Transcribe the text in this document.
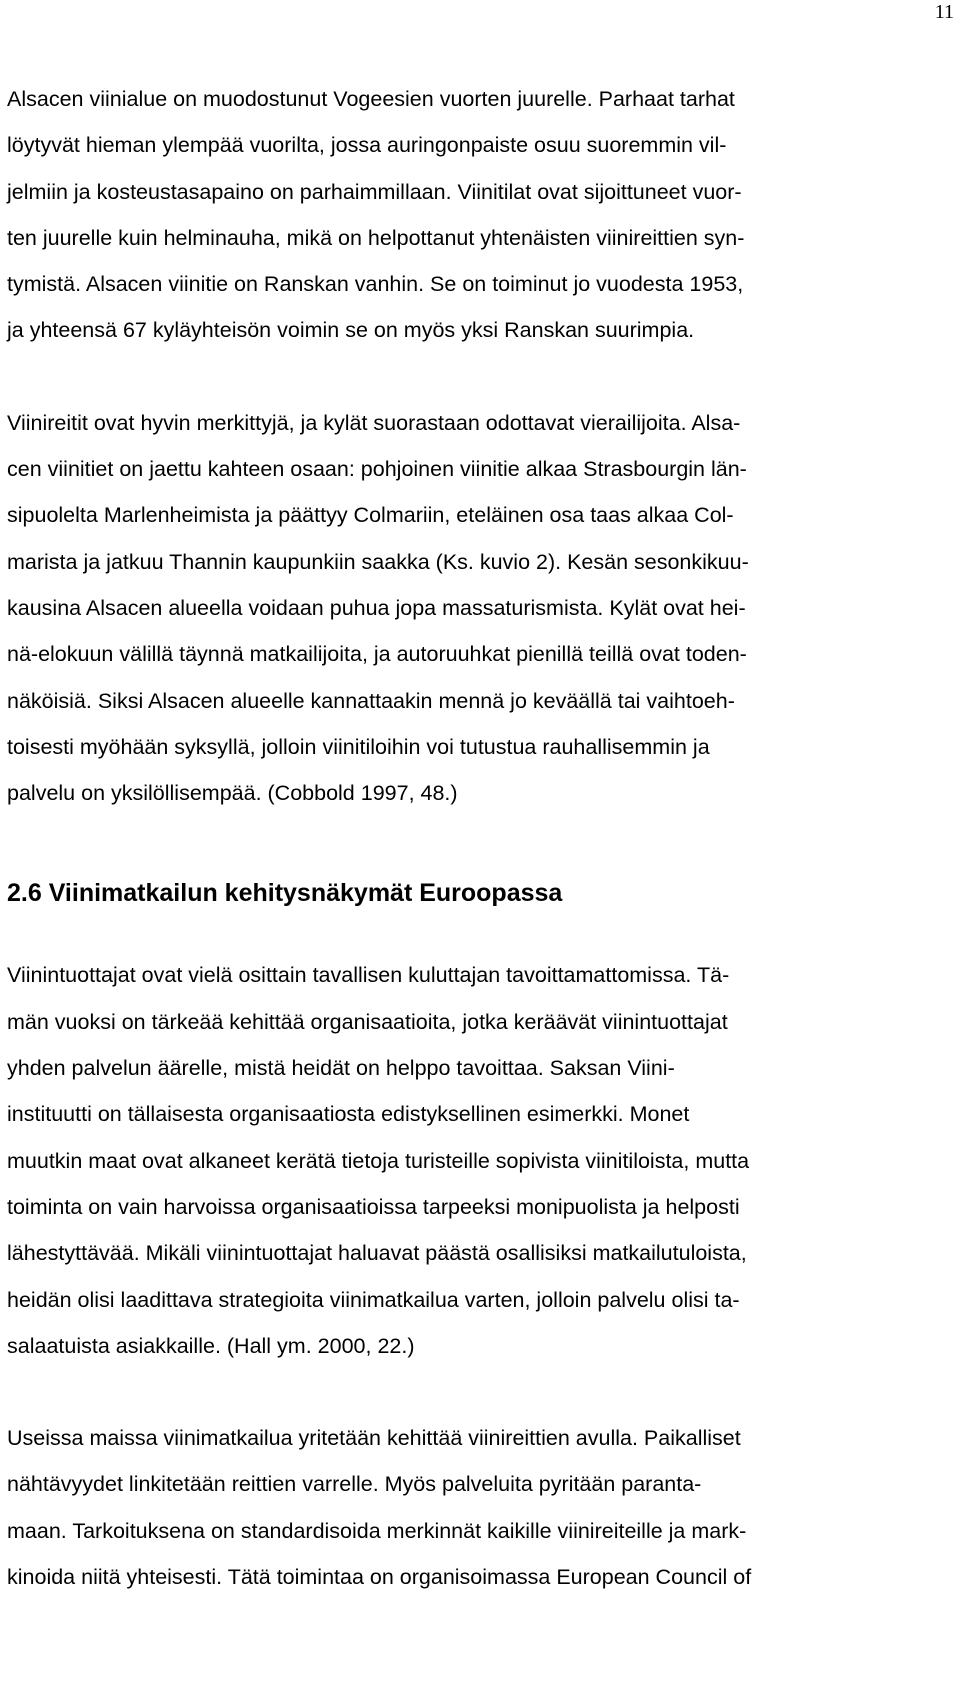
11
Alsacen viinialue on muodostunut Vogeesien vuorten juurelle. Parhaat tarhat
löytyvät hieman ylempää vuorilta, jossa auringonpaiste osuu suoremmin vil-
jelmiin ja kosteustasapaino on parhaimmillaan. Viinitilat ovat sijoittuneet vuor-
ten juurelle kuin helminauha, mikä on helpottanut yhtenäisten viinireittien syn-
tymistä. Alsacen viinitie on Ranskan vanhin. Se on toiminut jo vuodesta 1953,
ja yhteensä 67 kyläyhteisön voimin se on myös yksi Ranskan suurimpia.
Viinireitit ovat hyvin merkittyjä, ja kylät suorastaan odottavat vierailijoita. Alsa-
cen viinitiet on jaettu kahteen osaan: pohjoinen viinitie alkaa Strasbourgin län-
sipuolelta Marlenheimista ja päättyy Colmariin, eteläinen osa taas alkaa Col-
marista ja jatkuu Thannin kaupunkiin saakka (Ks. kuvio 2). Kesän sesonkikuu-
kausina Alsacen alueella voidaan puhua jopa massaturismista. Kylät ovat hei-
nä-elokuun välillä täynnä matkailijoita, ja autoruuhkat pienillä teillä ovat toden-
näköisiä. Siksi Alsacen alueelle kannattaakin mennä jo keväällä tai vaihtoeh-
toisesti myöhään syksyllä, jolloin viinitiloihin voi tutustua rauhallisemmin ja
palvelu on yksilöllisempää. (Cobbold 1997, 48.)
2.6 Viinimatkailun kehitysnäkymät Euroopassa
Viinintuottajat ovat vielä osittain tavallisen kuluttajan tavoittamattomissa. Tä-
män vuoksi on tärkeää kehittää organisaatioita, jotka keräävät viinintuottajat
yhden palvelun äärelle, mistä heidät on helppo tavoittaa. Saksan Viini-
instituutti on tällaisesta organisaatiosta edistyksellinen esimerkki. Monet
muutkin maat ovat alkaneet kerätä tietoja turisteille sopivista viinitiloista, mutta
toiminta on vain harvoissa organisaatioissa tarpeeksi monipuolista ja helposti
lähestyttävää. Mikäli viinintuottajat haluavat päästä osallisiksi matkailutuloista,
heidän olisi laadittava strategioita viinimatkailua varten, jolloin palvelu olisi ta-
salaatuista asiakkaille. (Hall ym. 2000, 22.)
Useissa maissa viinimatkailua yritetään kehittää viinireittien avulla. Paikalliset
nähtävyydet linkitetään reittien varrelle. Myös palveluita pyritään paranta-
maan. Tarkoituksena on standardisoida merkinnät kaikille viinireiteille ja mark-
kinoida niitä yhteisesti. Tätä toimintaa on organisoimassa European Council of
